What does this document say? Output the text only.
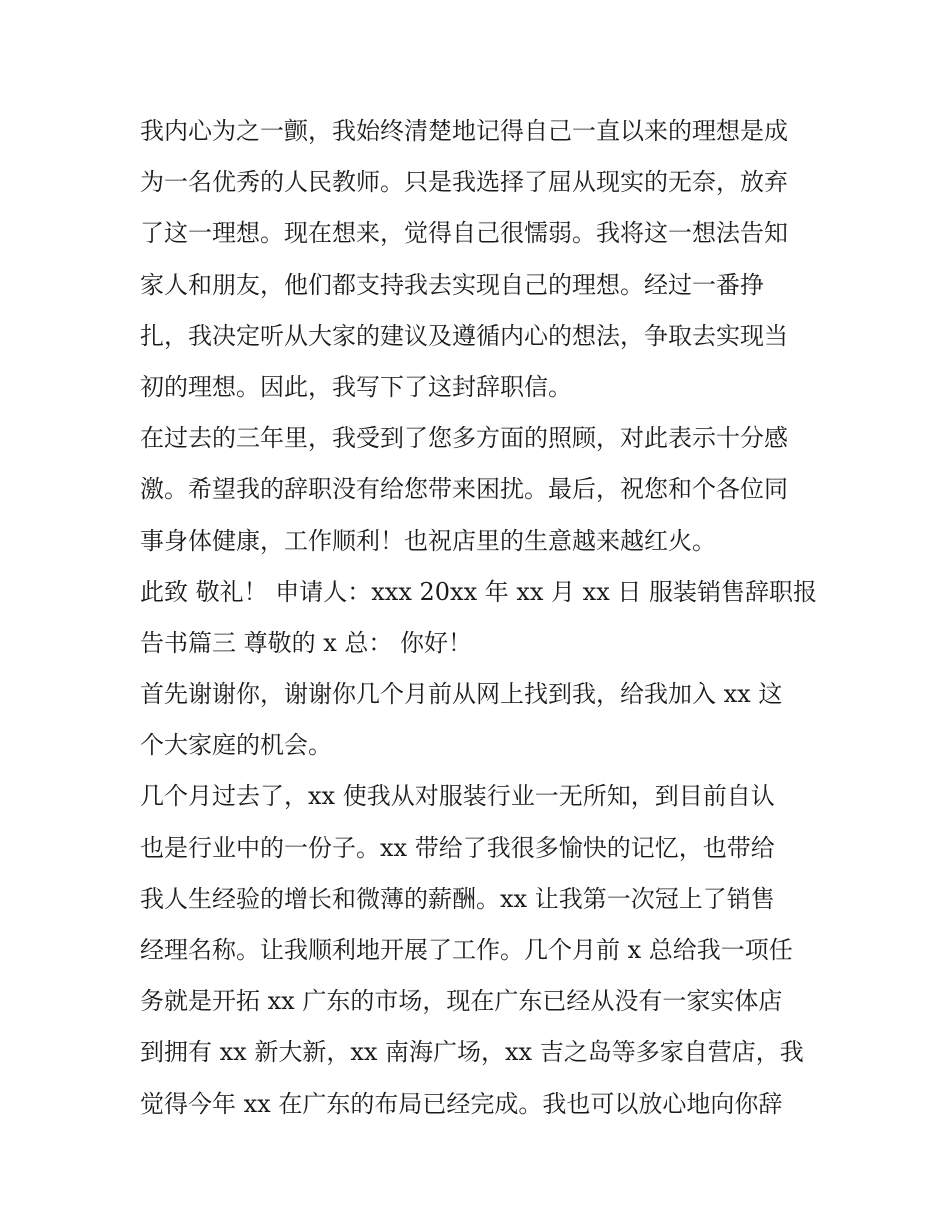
我内心为之一颤，我始终清楚地记得自己一直以来的理想是成
为一名优秀的人民教师。只是我选择了屈从现实的无奈，放弃
了这一理想。现在想来，觉得自己很懦弱。我将这一想法告知
家人和朋友，他们都支持我去实现自己的理想。经过一番挣
扎，我决定听从大家的建议及遵循内心的想法，争取去实现当
初的理想。因此，我写下了这封辞职信。
在过去的三年里，我受到了您多方面的照顾，对此表示十分感
激。希望我的辞职没有给您带来困扰。最后，祝您和个各位同
事身体健康，工作顺利！也祝店里的生意越来越红火。
此致 敬礼！ 申请人：xxx 20xx 年 xx 月 xx 日 服装销售辞职报
告书篇三 尊敬的 x 总： 你好！
首先谢谢你，谢谢你几个月前从网上找到我，给我加入 xx 这
个大家庭的机会。
几个月过去了，xx 使我从对服装行业一无所知，到目前自认
也是行业中的一份子。xx 带给了我很多愉快的记忆，也带给
我人生经验的增长和微薄的薪酬。xx 让我第一次冠上了销售
经理名称。让我顺利地开展了工作。几个月前 x 总给我一项任
务就是开拓 xx 广东的市场，现在广东已经从没有一家实体店
到拥有 xx 新大新，xx 南海广场，xx 吉之岛等多家自营店，我
觉得今年 xx 在广东的布局已经完成。我也可以放心地向你辞
